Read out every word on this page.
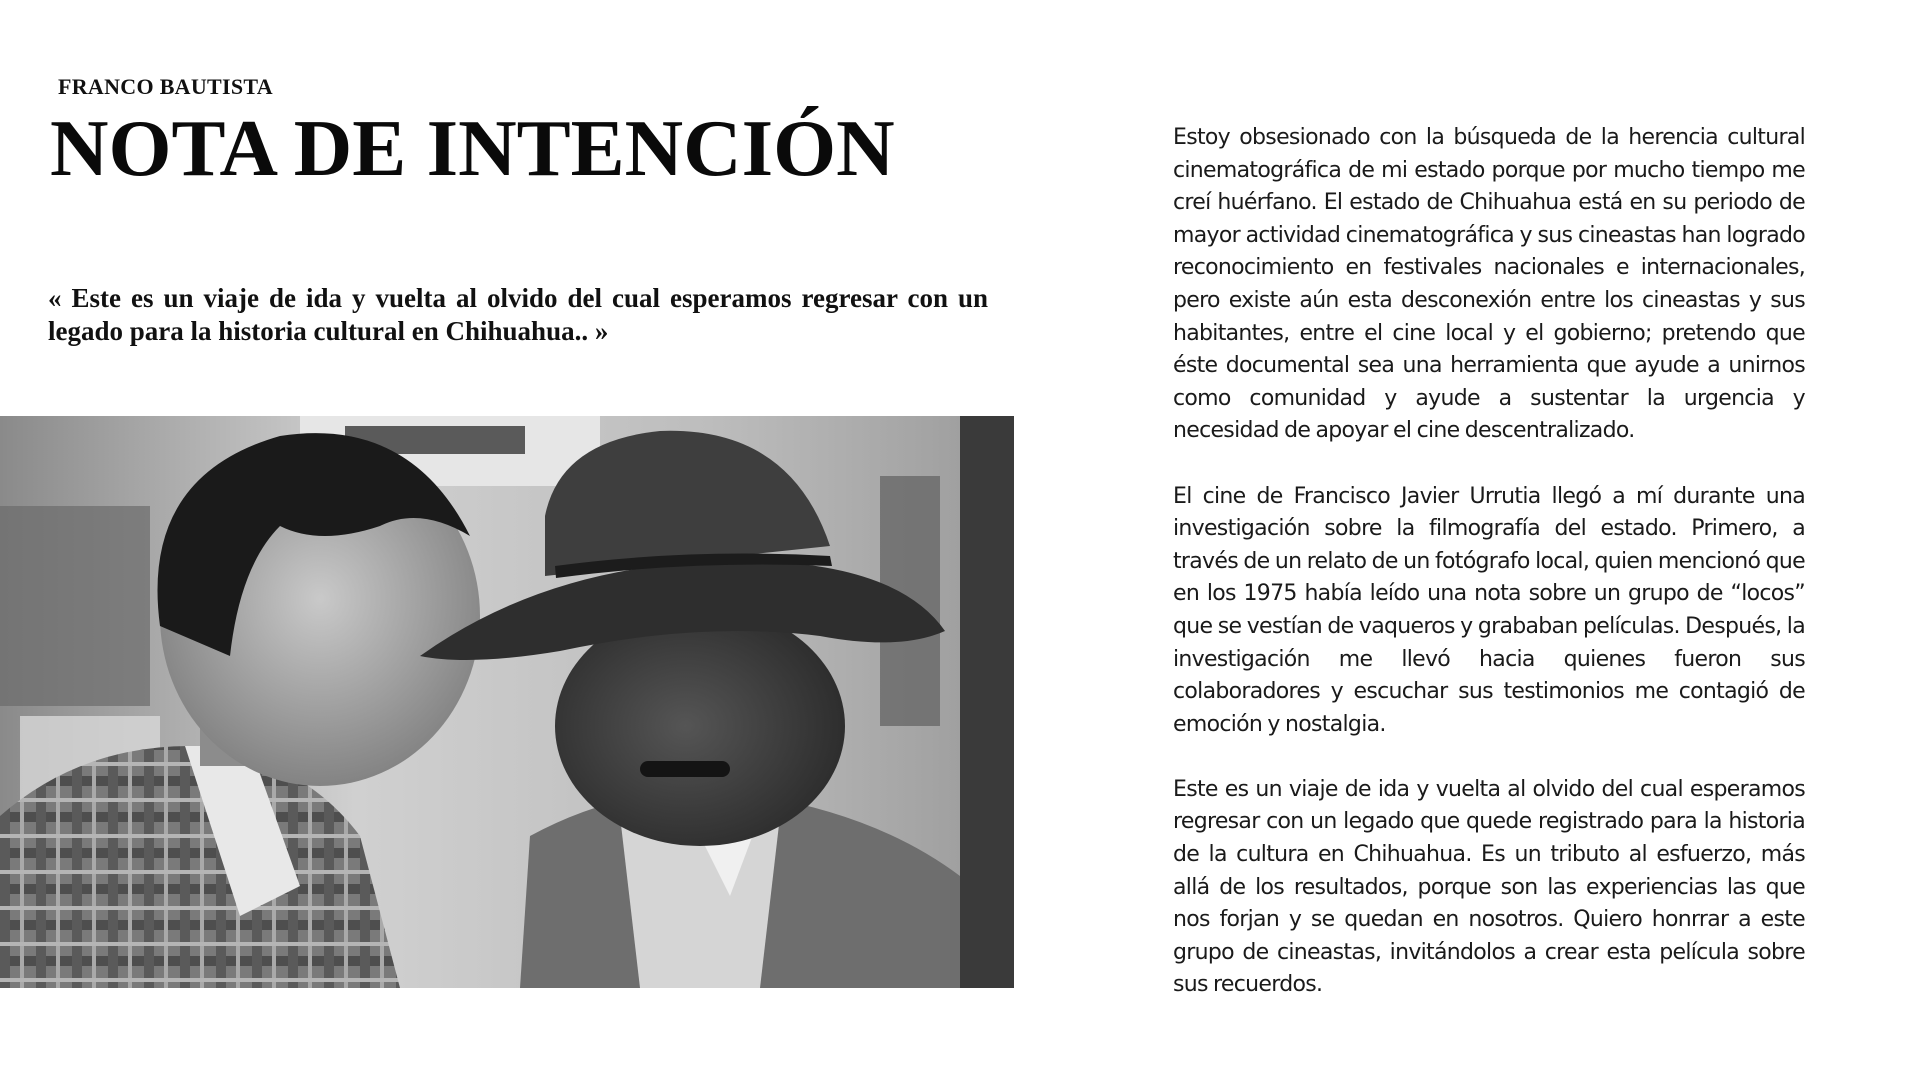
FRANCO BAUTISTA
NOTA DE INTENCIÓN
« Este es un viaje de ida y vuelta al olvido del cual esperamos regresar con un legado para la historia cultural en Chihuahua.. »

Estoy obsesionado con la búsqueda de la herencia cultural cinematográfica de mi estado porque por mucho tiempo me creí huérfano. El estado de Chihuahua está en su periodo de mayor actividad cinematográfica y sus cineastas han logrado reconocimiento en festivales nacionales e internacionales, pero existe aún esta desconexión entre los cineastas y sus habitantes, entre el cine local y el gobierno; pretendo que éste documental sea una herramienta que ayude a unirnos como comunidad y ayude a sustentar la urgencia y necesidad de apoyar el cine descentralizado.

El cine de Francisco Javier Urrutia llegó a mí durante una investigación sobre la filmografía del estado. Primero, a través de un relato de un fotógrafo local, quien mencionó que en los 1975 había leído una nota sobre un grupo de “locos” que se vestían de vaqueros y grababan películas. Después, la investigación me llevó hacia quienes fueron sus colaboradores y escuchar sus testimonios me contagió de emoción y nostalgia.

Este es un viaje de ida y vuelta al olvido del cual esperamos regresar con un legado que quede registrado para la historia de la cultura en Chihuahua. Es un tributo al esfuerzo, más allá de los resultados, porque son las experiencias las que nos forjan y se quedan en nosotros. Quiero honrrar a este grupo de cineastas, invitándolos a crear esta película sobre sus recuerdos.
